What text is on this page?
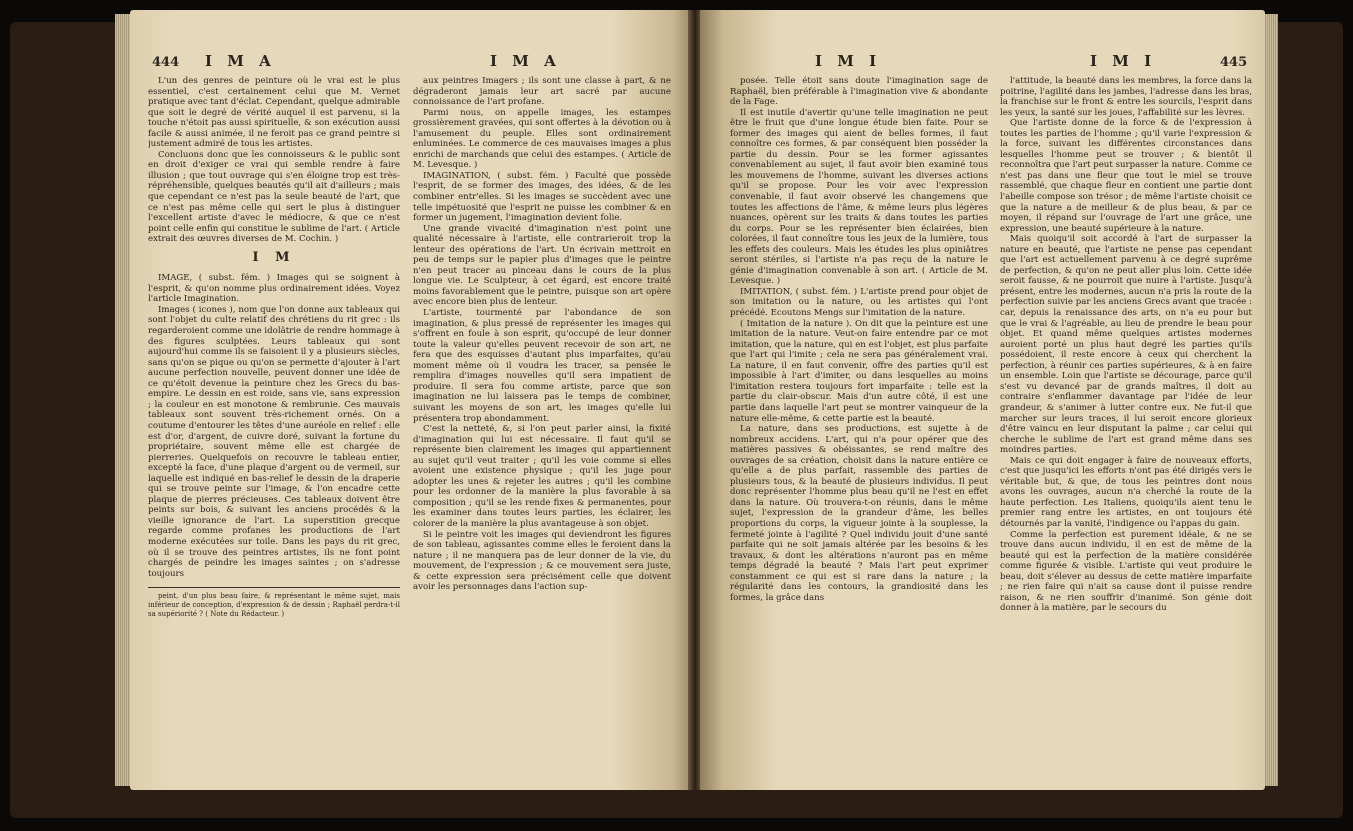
444 I M A	I M A

L'un des genres de peinture où le vrai est le plus essentiel, c'est certainement celui que M. Vernet pratique avec tant d'éclat. Cependant, quelque admirable que soit le degré de vérité auquel il est parvenu, si la touche n'étoit pas aussi spirituelle, & son exécution aussi facile & aussi animée, il ne feroit pas ce grand peintre si justement admiré de tous les artistes.

Concluons donc que les connoisseurs & le public sont en droit d'exiger ce vrai qui semble rendre à faire illusion ; que tout ouvrage qui s'en éloigne trop est très-répréhensible, quelques beautés qu'il ait d'ailleurs ; mais que cependant ce n'est pas la seule beauté de l'art, que ce n'est pas même celle qui sert le plus à distinguer l'excellent artiste d'avec le médiocre, & que ce n'est point celle enfin qui constitue le sublime de l'art. ( Article extrait des œuvres diverses de M. Cochin. )

I M

IMAGE, ( subst. fém. ) Images qui se soignent à l'esprit, & qu'on nomme plus ordinairement idées. Voyez l'article Imagination.

Images ( icones ), nom que l'on donne aux tableaux qui sont l'objet du culte relatif des chrétiens du rit grec : ils regarderoient comme une idolâtrie de rendre hommage à des figures sculptées. Leurs tableaux qui sont aujourd'hui comme ils se faisoient il y a plusieurs siècles, sans qu'on se pique ou qu'on se permette d'ajouter à l'art aucune perfection nouvelle, peuvent donner une idée de ce qu'étoit devenue la peinture chez les Grecs du bas-empire. Le dessin en est roide, sans vie, sans expression ; la couleur en est monotone & rembrunie. Ces mauvais tableaux sont souvent très-richement ornés. On a coutume d'entourer les têtes d'une auréole en relief : elle est d'or, d'argent, de cuivre doré, suivant la fortune du propriétaire, souvent même elle est chargée de pierreries. Quelquefois on recouvre le tableau entier, excepté la face, d'une plaque d'argent ou de vermeil, sur laquelle est indiqué en bas-relief le dessin de la draperie qui se trouve peinte sur l'image, & l'on encadre cette plaque de pierres précieuses. Ces tableaux doivent être peints sur bois, & suivant les anciens procédés & la vieille ignorance de l'art. La superstition grecque regarde comme profanes les productions de l'art moderne exécutées sur toile. Dans les pays du rit grec, où il se trouve des peintres artistes, ils ne font point chargés de peindre les images saintes ; on s'adresse toujours

peint, d'un plus beau faire, & représentant le même sujet, mais inférieur de conception, d'expression & de dessin ; Raphaël perdra-t-il sa supériorité ? ( Note du Rédacteur. )

aux peintres Imagers ; ils sont une classe à part, & ne dégraderont jamais leur art sacré par aucune connoissance de l'art profane.

Parmi nous, on appelle images, les estampes grossièrement gravées, qui sont offertes à la dévotion ou à l'amusement du peuple. Elles sont ordinairement enluminées. Le commerce de ces mauvaises images a plus enrichi de marchands que celui des estampes. ( Article de M. Levesque. )

IMAGINATION, ( subst. fém. ) Faculté que possède l'esprit, de se former des images, des idées, & de les combiner entr'elles. Si les images se succèdent avec une telle impétuosité que l'esprit ne puisse les combiner & en former un jugement, l'imagination devient folie.

Une grande vivacité d'imagination n'est point une qualité nécessaire à l'artiste, elle contrarieroit trop la lenteur des opérations de l'art. Un écrivain mettroit en peu de temps sur le papier plus d'images que le peintre n'en peut tracer au pinceau dans le cours de la plus longue vie. Le Sculpteur, à cet égard, est encore traité moins favorablement que le peintre, puisque son art opère avec encore bien plus de lenteur.

L'artiste, tourmenté par l'abondance de son imagination, & plus pressé de représenter les images qui s'offrent en foule à son esprit, qu'occupé de leur donner toute la valeur qu'elles peuvent recevoir de son art, ne fera que des esquisses d'autant plus imparfaites, qu'au moment même où il voudra les tracer, sa pensée le remplira d'images nouvelles qu'il sera impatient de produire. Il sera fou comme artiste, parce que son imagination ne lui laissera pas le temps de combiner, suivant les moyens de son art, les images qu'elle lui présentera trop abondamment.

C'est la netteté, &, si l'on peut parler ainsi, la fixité d'imagination qui lui est nécessaire. Il faut qu'il se représente bien clairement les images qui appartiennent au sujet qu'il veut traiter ; qu'il les voie comme si elles avoient une existence physique ; qu'il les juge pour adopter les unes & rejeter les autres ; qu'il les combine pour les ordonner de la manière la plus favorable à sa composition ; qu'il se les rende fixes & permanentes, pour les examiner dans toutes leurs parties, les éclairer, les colorer de la manière la plus avantageuse à son objet.

Si le peintre voit les images qui deviendront les figures de son tableau, agissantes comme elles le feroient dans la nature ; il ne manquera pas de leur donner de la vie, du mouvement, de l'expression ; & ce mouvement sera juste, & cette expression sera précisément celle que doivent avoir les personnages dans l'action sup-

I M I	I M I	445

posée. Telle étoit sans doute l'imagination sage de Raphaël, bien préférable à l'imagination vive & abondante de la Fage.

Il est inutile d'avertir qu'une telle imagination ne peut être le fruit que d'une longue étude bien faite. Pour se former des images qui aient de belles formes, il faut connoître ces formes, & par conséquent bien posséder la partie du dessin. Pour se les former agissantes convenablement au sujet, il faut avoir bien examiné tous les mouvemens de l'homme, suivant les diverses actions qu'il se propose. Pour les voir avec l'expression convenable, il faut avoir observé les changemens que toutes les affections de l'âme, & même leurs plus légères nuances, opèrent sur les traits & dans toutes les parties du corps. Pour se les représenter bien éclairées, bien colorées, il faut connoître tous les jeux de la lumière, tous les effets des couleurs. Mais les études les plus opiniâtres seront stériles, si l'artiste n'a pas reçu de la nature le génie d'imagination convenable à son art. ( Article de M. Levesque. )

IMITATION, ( subst. fém. ) L'artiste prend pour objet de son imitation ou la nature, ou les artistes qui l'ont précédé. Ecoutons Mengs sur l'imitation de la nature.

( Imitation de la nature ). On dit que la peinture est une imitation de la nature. Veut-on faire entendre par ce mot imitation, que la nature, qui en est l'objet, est plus parfaite que l'art qui l'imite ; cela ne sera pas généralement vrai. La nature, il en faut convenir, offre des parties qu'il est impossible à l'art d'imiter, ou dans lesquelles au moins l'imitation restera toujours fort imparfaite : telle est la partie du clair-obscur. Mais d'un autre côté, il est une partie dans laquelle l'art peut se montrer vainqueur de la nature elle-même, & cette partie est la beauté.

La nature, dans ses productions, est sujette à de nombreux accidens. L'art, qui n'a pour opérer que des matières passives & obéissantes, se rend maître des ouvrages de sa création, choisit dans la nature entière ce qu'elle a de plus parfait, rassemble des parties de plusieurs tous, & la beauté de plusieurs individus. Il peut donc représenter l'homme plus beau qu'il ne l'est en effet dans la nature. Où trouvera-t-on réunis, dans le même sujet, l'expression de la grandeur d'âme, les belles proportions du corps, la vigueur jointe à la souplesse, la fermeté jointe à l'agilité ? Quel individu jouit d'une santé parfaite qui ne soit jamais altérée par les besoins & les travaux, & dont les altérations n'auront pas en même temps dégradé la beauté ? Mais l'art peut exprimer constamment ce qui est si rare dans la nature ; la régularité dans les contours, la grandiosité dans les formes, la grâce dans

l'attitude, la beauté dans les membres, la force dans la poitrine, l'agilité dans les jambes, l'adresse dans les bras, la franchise sur le front & entre les sourcils, l'esprit dans les yeux, la santé sur les joues, l'affabilité sur les lèvres.

Que l'artiste donne de la force & de l'expression à toutes les parties de l'homme ; qu'il varie l'expression & la force, suivant les différentes circonstances dans lesquelles l'homme peut se trouver ; & bientôt il reconnoîtra que l'art peut surpasser la nature. Comme ce n'est pas dans une fleur que tout le miel se trouve rassemblé, que chaque fleur en contient une partie dont l'abeille compose son trésor ; de même l'artiste choisit ce que la nature a de meilleur & de plus beau, & par ce moyen, il répand sur l'ouvrage de l'art une grâce, une expression, une beauté supérieure à la nature.

Mais quoiqu'il soit accordé à l'art de surpasser la nature en beauté, que l'artiste ne pense pas cependant que l'art est actuellement parvenu à ce degré suprême de perfection, & qu'on ne peut aller plus loin. Cette idée seroit fausse, & ne pourroit que nuire à l'artiste. Jusqu'à présent, entre les modernes, aucun n'a pris la route de la perfection suivie par les anciens Grecs avant que tracée : car, depuis la renaissance des arts, on n'a eu pour but que le vrai & l'agréable, au lieu de prendre le beau pour objet. Et quand même quelques artistes modernes auroient porté un plus haut degré les parties qu'ils possédoient, il reste encore à ceux qui cherchent la perfection, à réunir ces parties supérieures, & à en faire un ensemble. Loin que l'artiste se décourage, parce qu'il s'est vu devancé par de grands maîtres, il doit au contraire s'enflammer davantage par l'idée de leur grandeur, & s'animer à lutter contre eux. Ne fut-il que marcher sur leurs traces, il lui seroit encore glorieux d'être vaincu en leur disputant la palme ; car celui qui cherche le sublime de l'art est grand même dans ses moindres parties.

Mais ce qui doit engager à faire de nouveaux efforts, c'est que jusqu'ici les efforts n'ont pas été dirigés vers le véritable but, & que, de tous les peintres dont nous avons les ouvrages, aucun n'a cherché la route de la haute perfection. Les Italiens, quoiqu'ils aient tenu le premier rang entre les artistes, en ont toujours été détournés par la vanité, l'indigence ou l'appas du gain.

Comme la perfection est purement idéale, & ne se trouve dans aucun individu, il en est de même de la beauté qui est la perfection de la matière considérée comme figurée & visible. L'artiste qui veut produire le beau, doit s'élever au dessus de cette matière imparfaite ; ne rien faire qui n'ait sa cause dont il puisse rendre raison, & ne rien souffrir d'inanimé. Son génie doit donner à la matière, par le secours du
